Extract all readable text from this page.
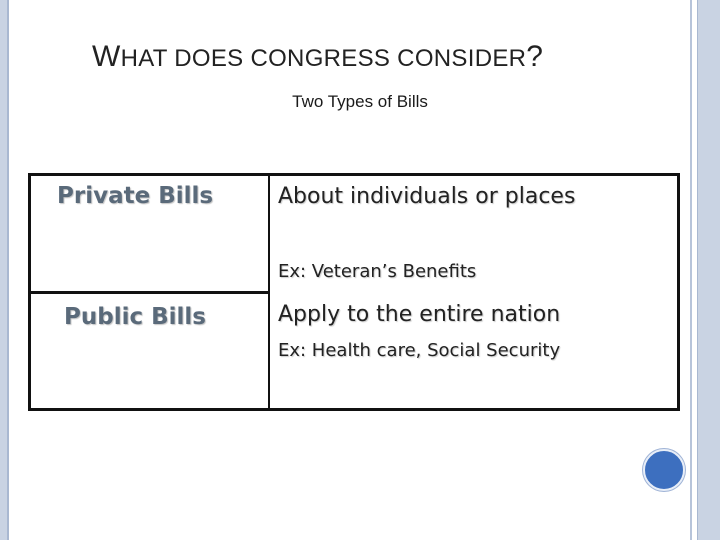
WHAT DOES CONGRESS CONSIDER?
Two Types of Bills
Private Bills	About individuals or places
Ex: Veteran’s Benefits
Public Bills	Apply to the entire nation
Ex: Health care, Social Security
